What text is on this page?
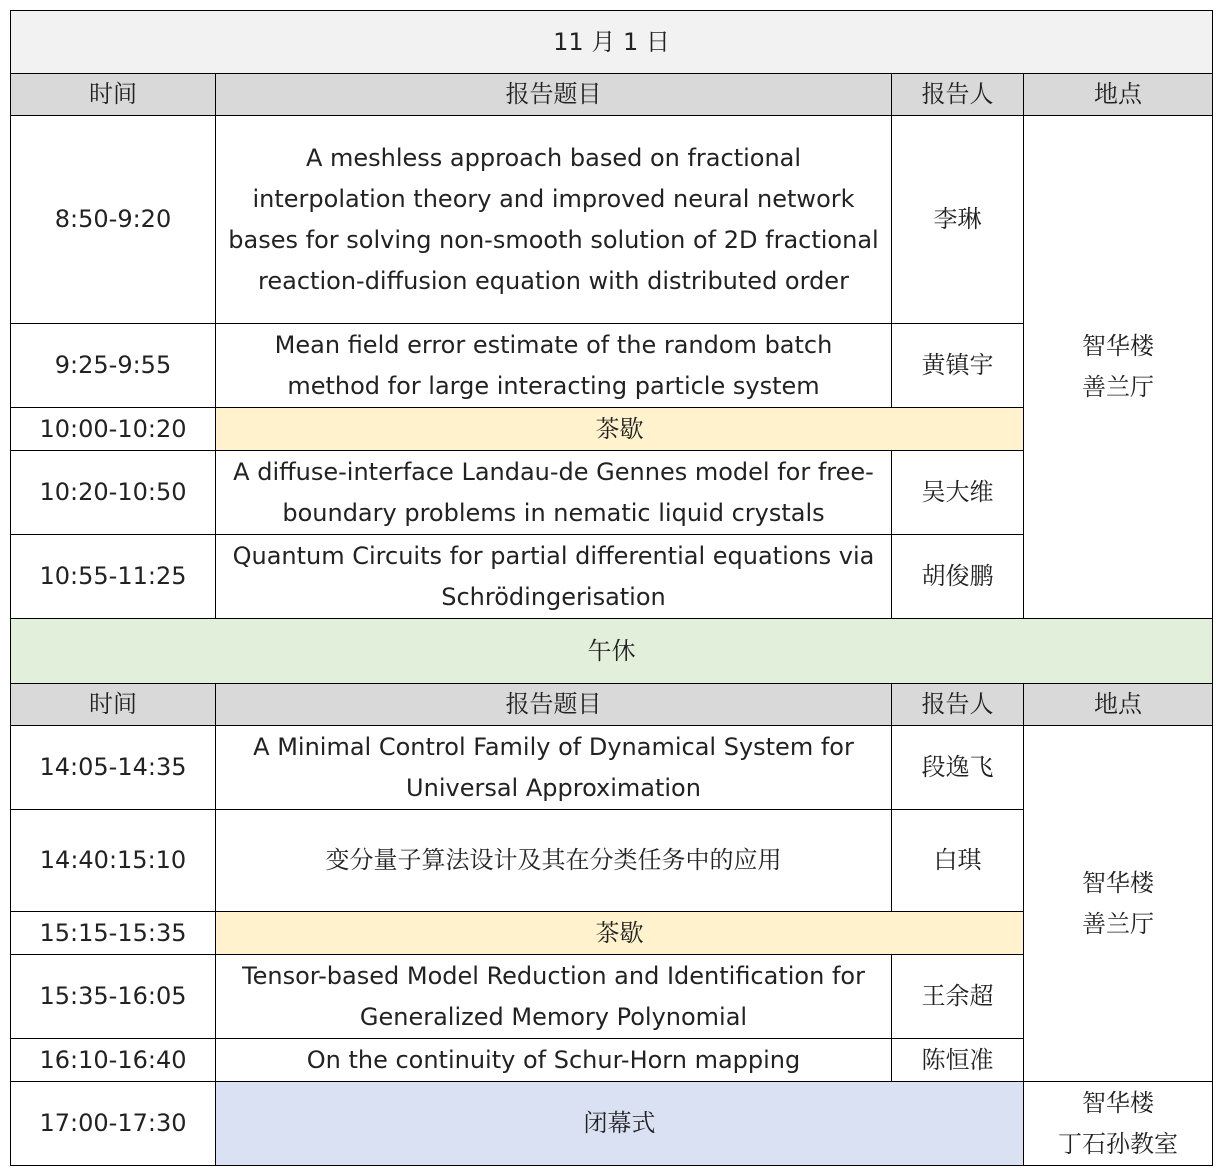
11 月 1 日			
时间	报告题目	报告人	地点
8:50-9:20	A meshless approach based on fractional interpolation theory and improved neural network bases for solving non-smooth solution of 2D fractional reaction-diffusion equation with distributed order	李琳	智华楼
善兰厅

9:25-9:55	Mean field error estimate of the random batch method for large interacting particle system	黄镇宇	
10:00-10:20	茶歇		
10:20-10:50	A diffuse-interface Landau-de Gennes model for free-boundary problems in nematic liquid crystals	吴大维	
10:55-11:25	Quantum Circuits for partial differential equations via Schrödingerisation	胡俊鹏	
午休			
时间	报告题目	报告人	地点
14:05-14:35	A Minimal Control Family of Dynamical System for Universal Approximation	段逸飞	智华楼
善兰厅

14:40:15:10	变分量子算法设计及其在分类任务中的应用	白琪	
15:15-15:35	茶歇		
15:35-16:05	Tensor-based Model Reduction and Identification for Generalized Memory Polynomial	王余超	
16:10-16:40	On the continuity of Schur-Horn mapping	陈恒准	
17:00-17:30	闭幕式		智华楼
丁石孙教室
